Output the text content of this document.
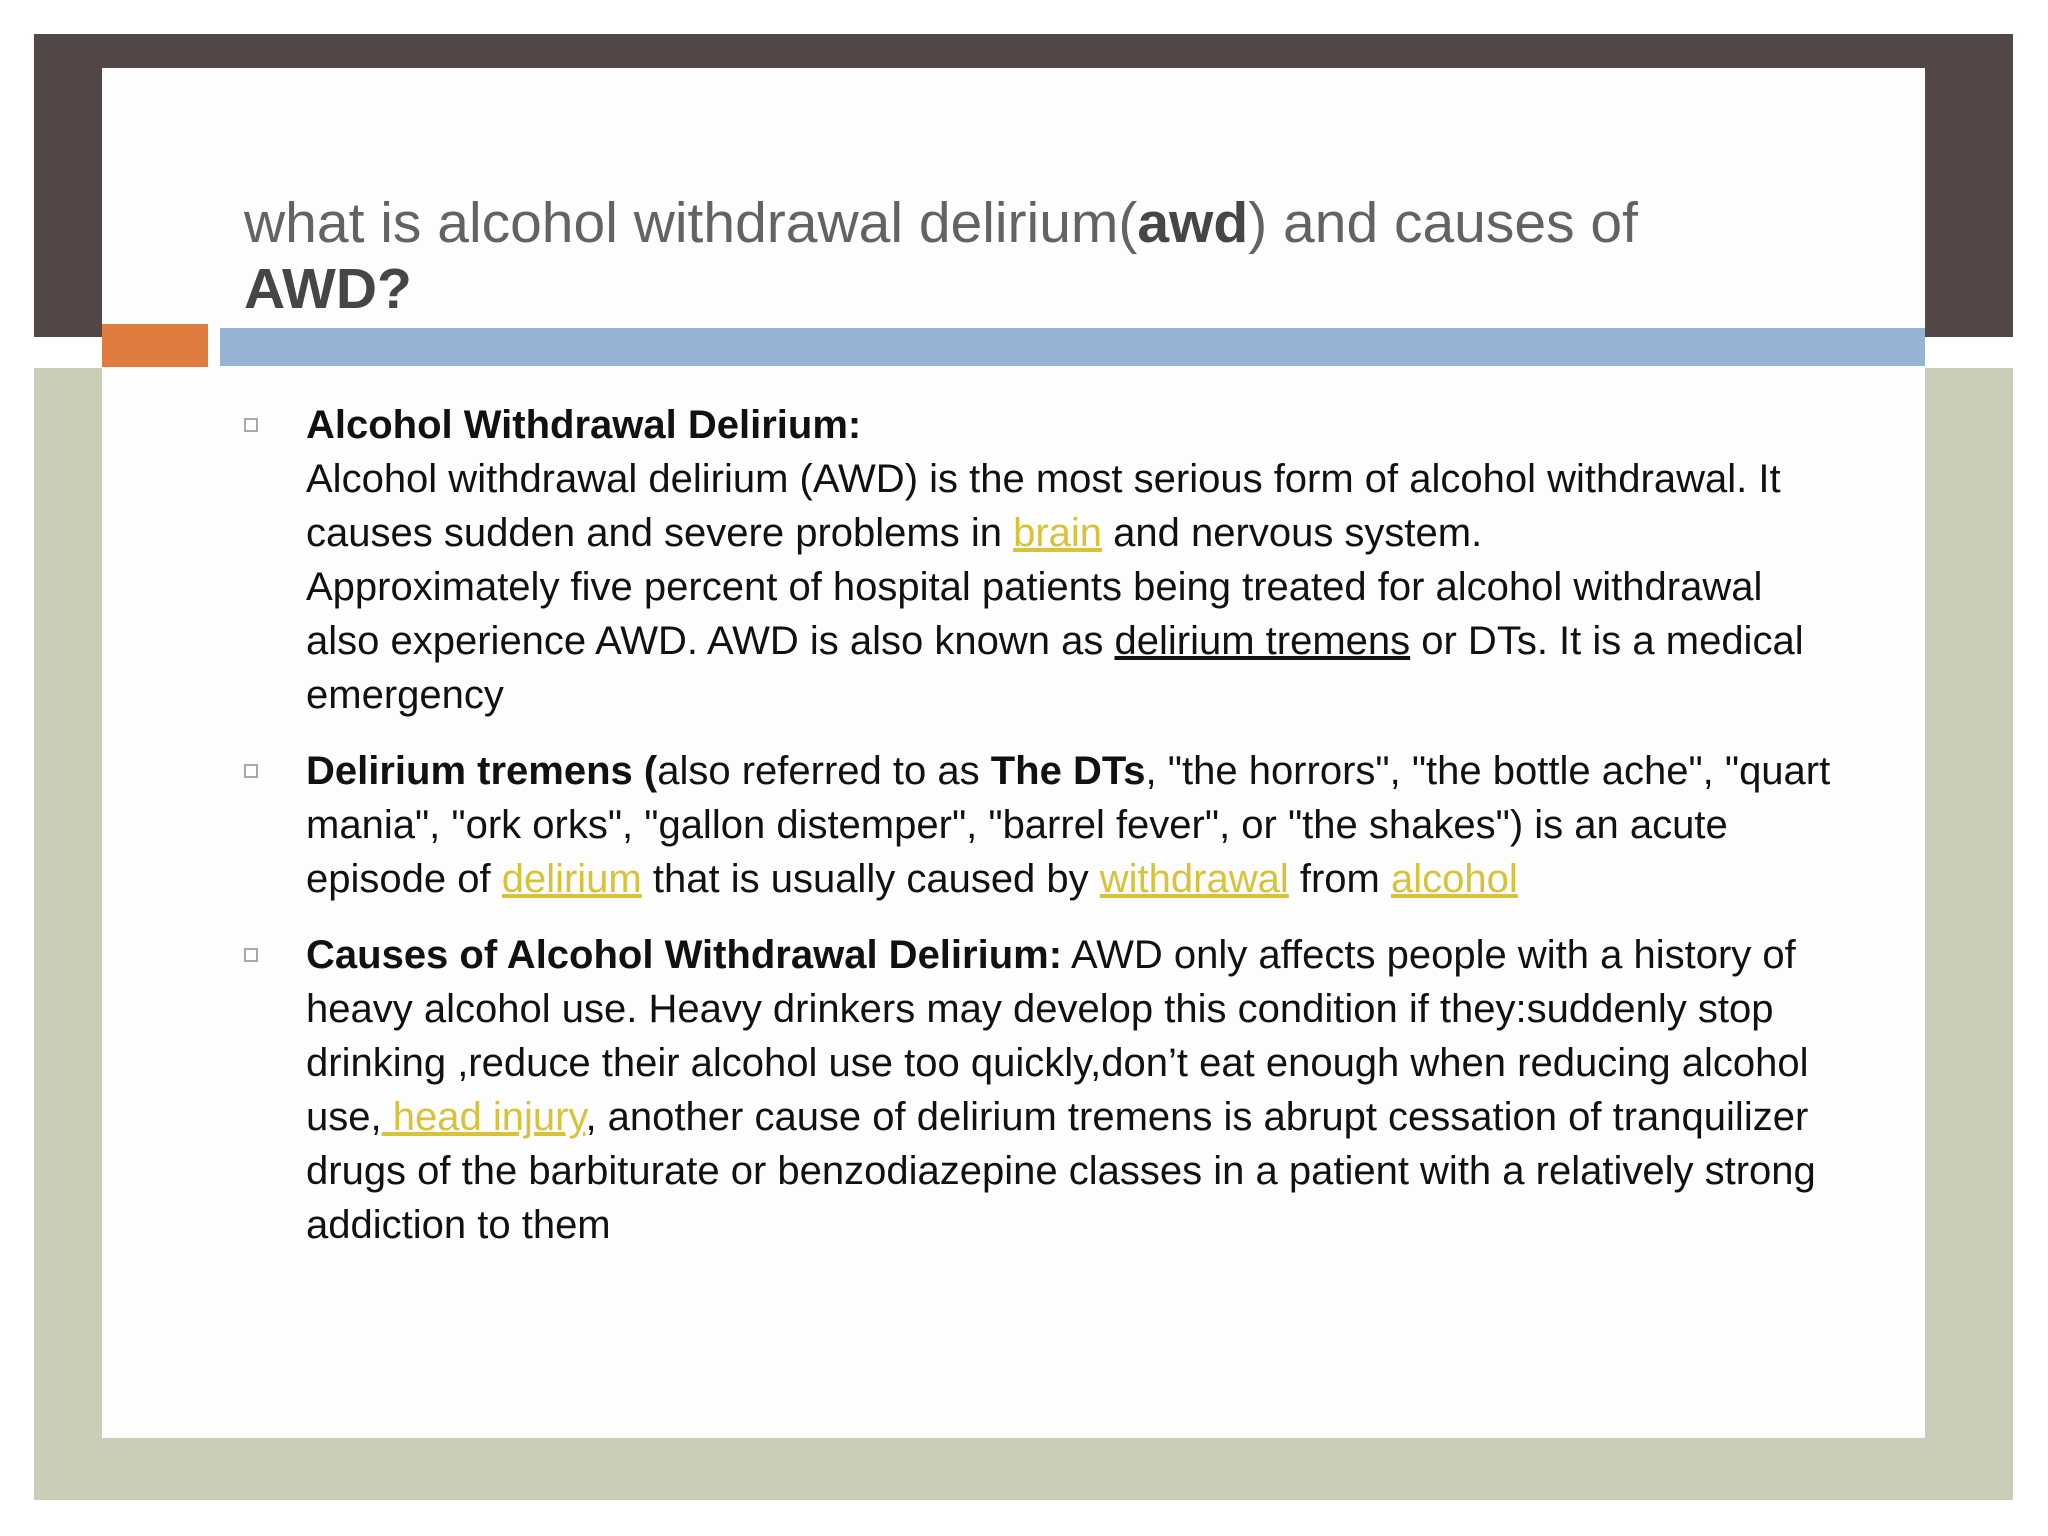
what is alcohol withdrawal delirium(awd) and causes of
AWD?
Alcohol Withdrawal Delirium:
Alcohol withdrawal delirium (AWD) is the most serious form of alcohol withdrawal. It causes sudden and severe problems in brain and nervous system.
Approximately five percent of hospital patients being treated for alcohol withdrawal also experience AWD. AWD is also known as delirium tremens or DTs. It is a medical emergency
Delirium tremens (also referred to as The DTs, "the horrors", "the bottle ache", "quart mania", "ork orks", "gallon distemper", "barrel fever", or "the shakes") is an acute episode of delirium that is usually caused by withdrawal from alcohol
Causes of Alcohol Withdrawal Delirium: AWD only affects people with a history of heavy alcohol use. Heavy drinkers may develop this condition if they:suddenly stop drinking ,reduce their alcohol use too quickly,don’t eat enough when reducing alcohol use, head injury, another cause of delirium tremens is abrupt cessation of tranquilizer drugs of the barbiturate or benzodiazepine classes in a patient with a relatively strong addiction to them
